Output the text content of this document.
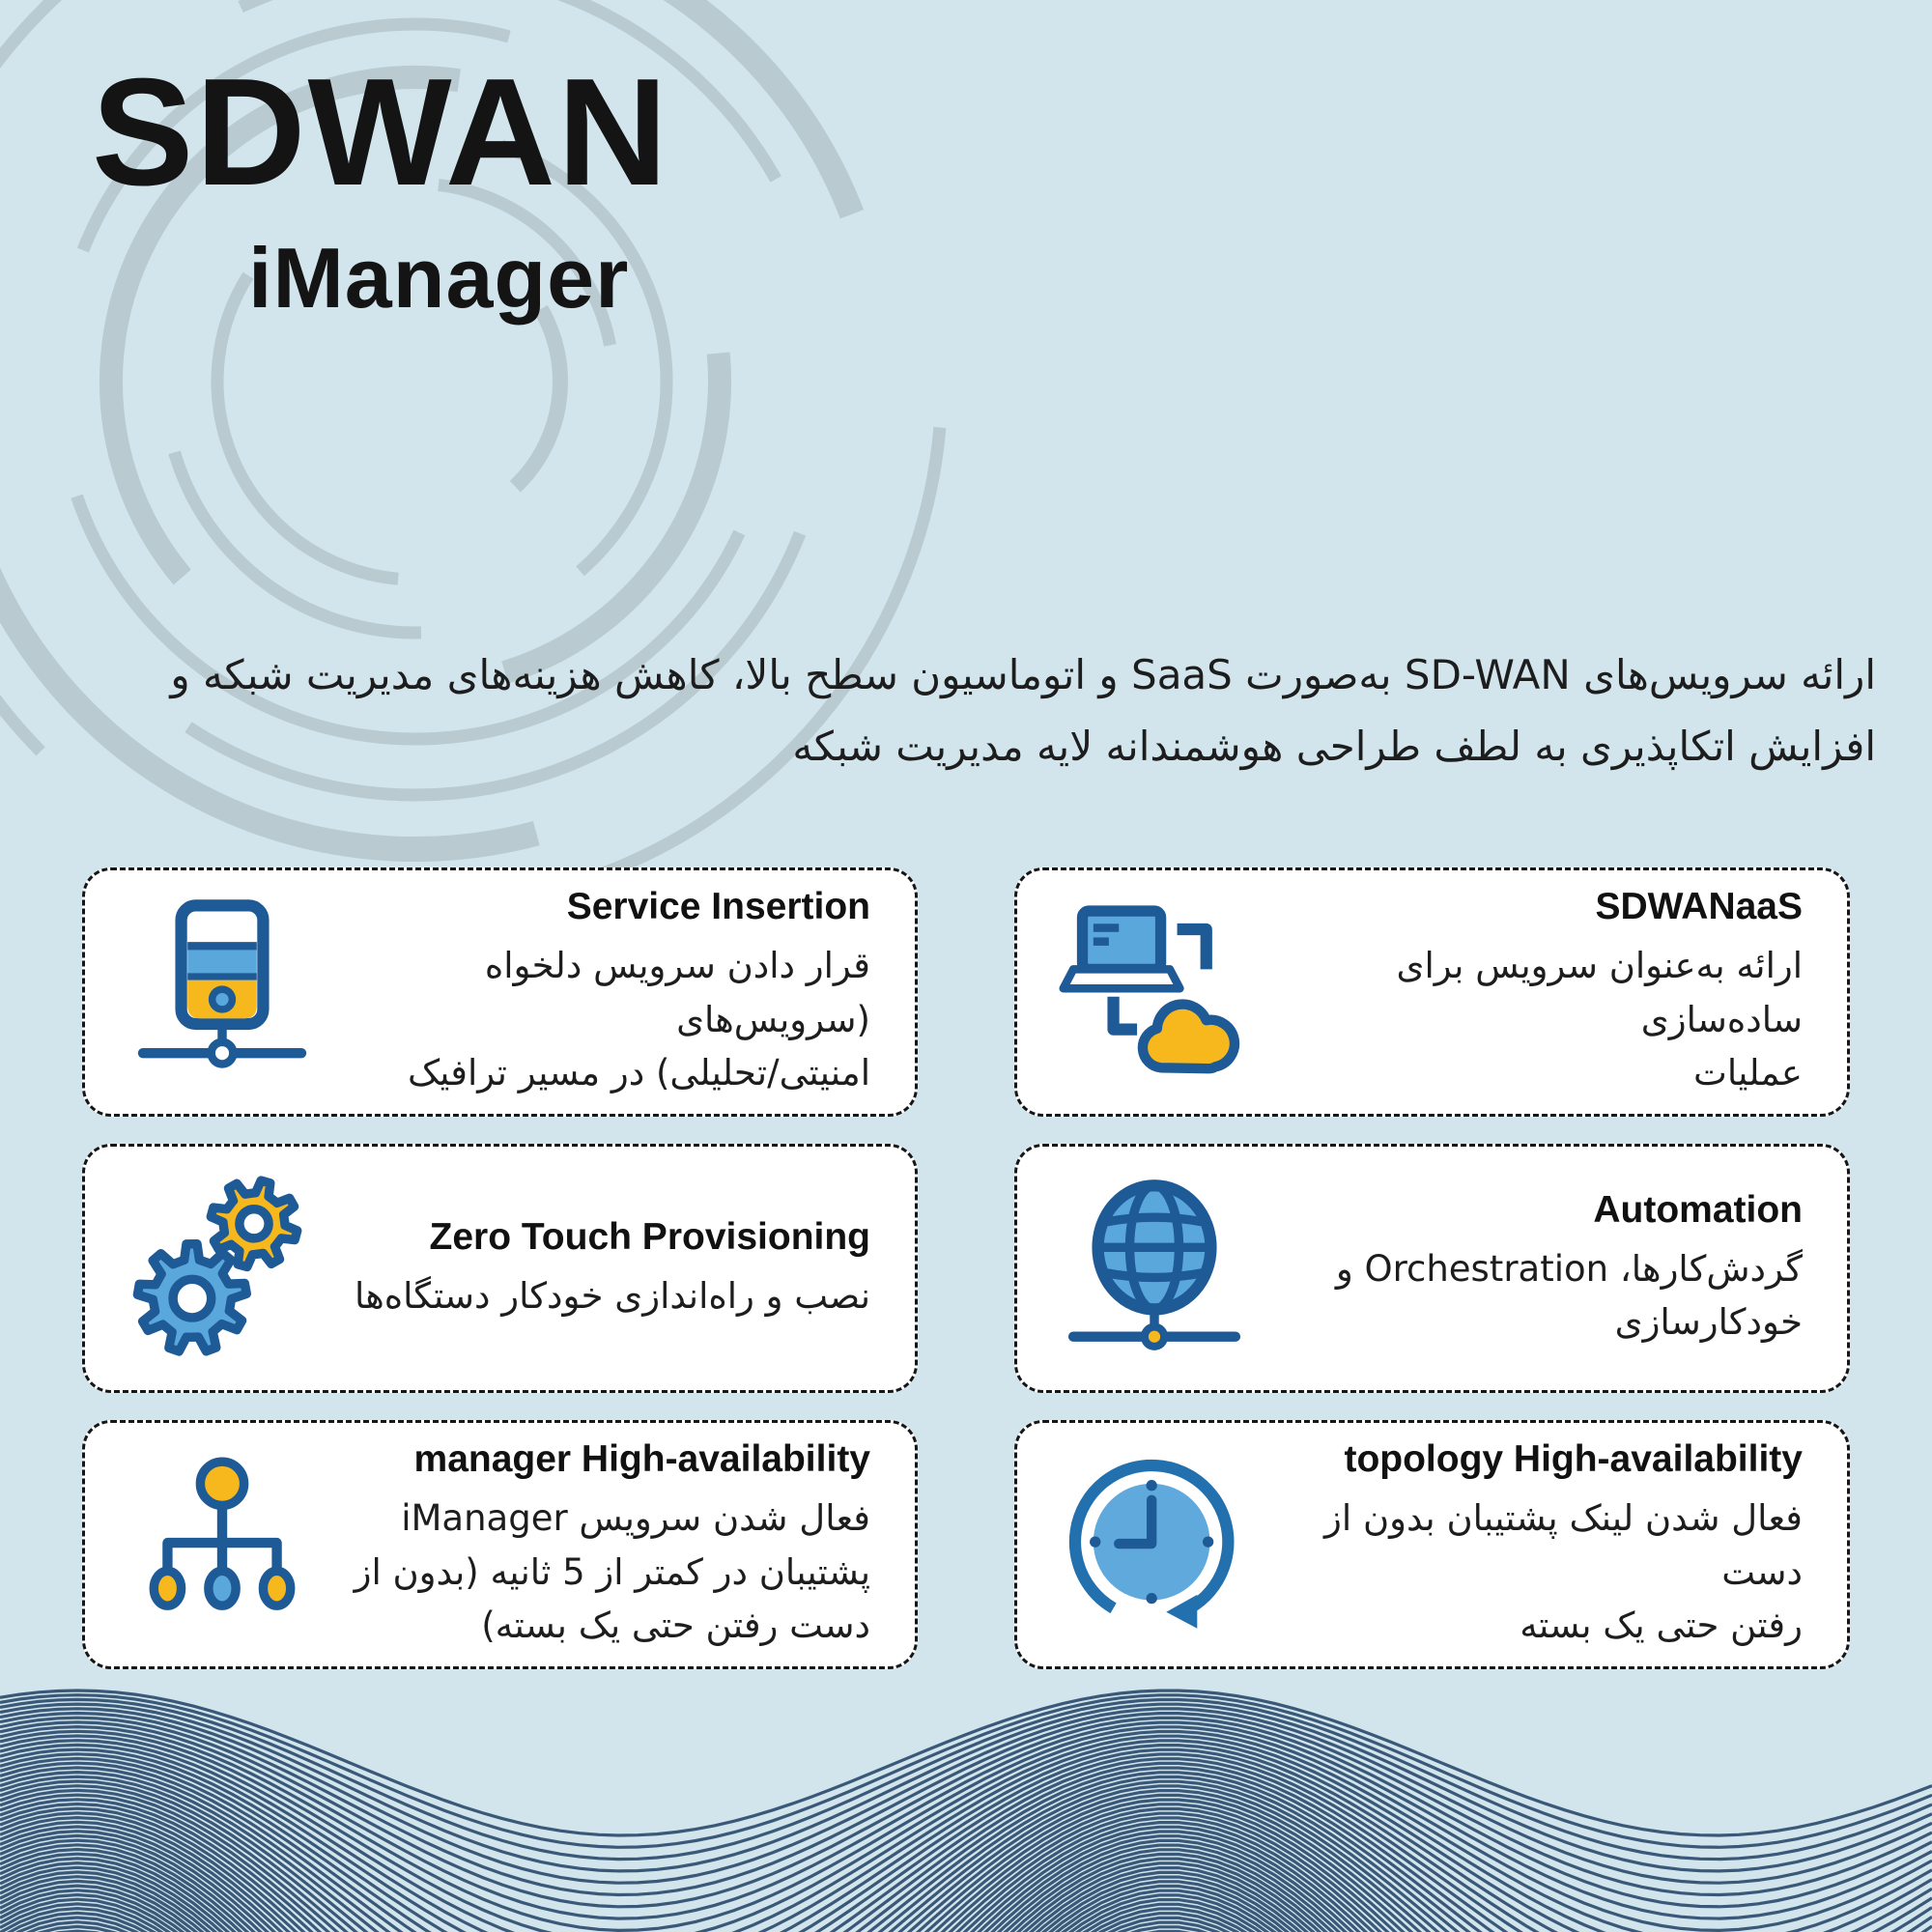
SDWAN
iManager
ارائه سرویس‌های SD-WAN به‌صورت SaaS و اتوماسیون سطح بالا، کاهش هزینه‌های مدیریت شبکه و
افزایش اتکاپذیری به لطف طراحی هوشمندانه لایه مدیریت شبکه
SDWANaaS
ارائه به‌عنوان سرویس برای ساده‌سازی
عملیات
Service Insertion
قرار دادن سرویس دلخواه (سرویس‌های
امنیتی/تحلیلی) در مسیر ترافیک
Automation
گردش‌کارها، Orchestration و
خودکارسازی
Zero Touch Provisioning
نصب و راه‌اندازی خودکار دستگاه‌ها
topology High-availability
فعال شدن لینک پشتیبان بدون از دست
رفتن حتی یک بسته
manager High-availability
فعال شدن سرویس iManager
پشتیبان در کمتر از 5 ثانیه (بدون از
دست رفتن حتی یک بسته)
